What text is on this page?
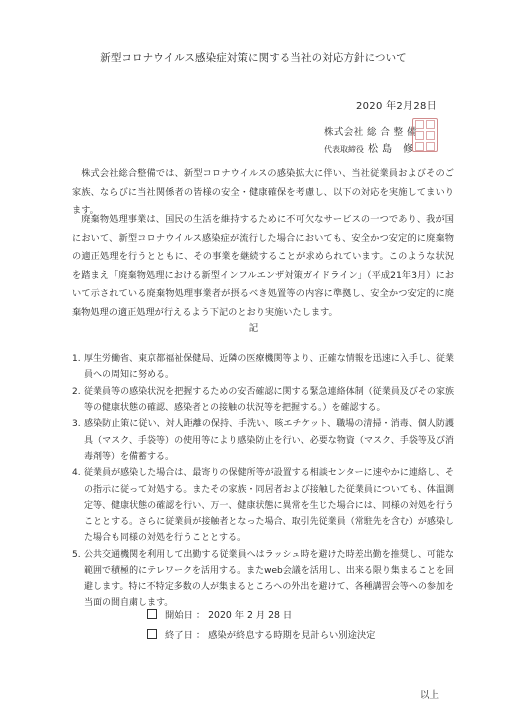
新型コロナウイルス感染症対策に関する当社の対応方針について
2020 年2月28日
株式会社 総 合 整 備
代表取締役 松島 修
株式会社総合整備では、新型コロナウイルスの感染拡大に伴い、当社従業員およびそのご家族、ならびに当社関係者の皆様の安全・健康確保を考慮し、以下の対応を実施してまいります。
廃棄物処理事業は、国民の生活を維持するために不可欠なサービスの一つであり、我が国において、新型コロナウイルス感染症が流行した場合においても、安全かつ安定的に廃棄物の適正処理を行うとともに、その事業を継続することが求められています。このような状況を踏まえ「廃棄物処理における新型インフルエンザ対策ガイドライン」（平成21年3月）において示されている廃棄物処理事業者が摂るべき処置等の内容に準拠し、安全かつ安定的に廃棄物処理の適正処理が行えるよう下記のとおり実施いたします。
記
1. 厚生労働省、東京都福祉保健局、近隣の医療機関等より、正確な情報を迅速に入手し、従業員への周知に努める。
2. 従業員等の感染状況を把握するための安否確認に関する緊急連絡体制（従業員及びその家族等の健康状態の確認、感染者との接触の状況等を把握する。）を確認する。
3. 感染防止策に従い、対人距離の保持、手洗い、咳エチケット、職場の清掃・消毒、個人防護具（マスク、手袋等）の使用等により感染防止を行い、必要な物資（マスク、手袋等及び消毒剤等）を備蓄する。
4. 従業員が感染した場合は、最寄りの保健所等が設置する相談センターに速やかに連絡し、その指示に従って対処する。またその家族・同居者および接触した従業員についても、体温測定等、健康状態の確認を行い、万一、健康状態に異常を生じた場合には、同様の対処を行うこととする。さらに従業員が接触者となった場合、取引先従業員（常駐先を含む）が感染した場合も同様の対処を行うこととする。
5. 公共交通機関を利用して出勤する従業員へはラッシュ時を避けた時差出勤を推奨し、可能な範囲で積極的にテレワークを活用する。またweb会議を活用し、出来る限り集まることを回避します。特に不特定多数の人が集まるところへの外出を避けて、各種講習会等への参加を当面の間自粛します。
開始日 ： 2020 年 2 月 28 日
終了日 ： 感染が終息する時期を見計らい別途決定
以上
